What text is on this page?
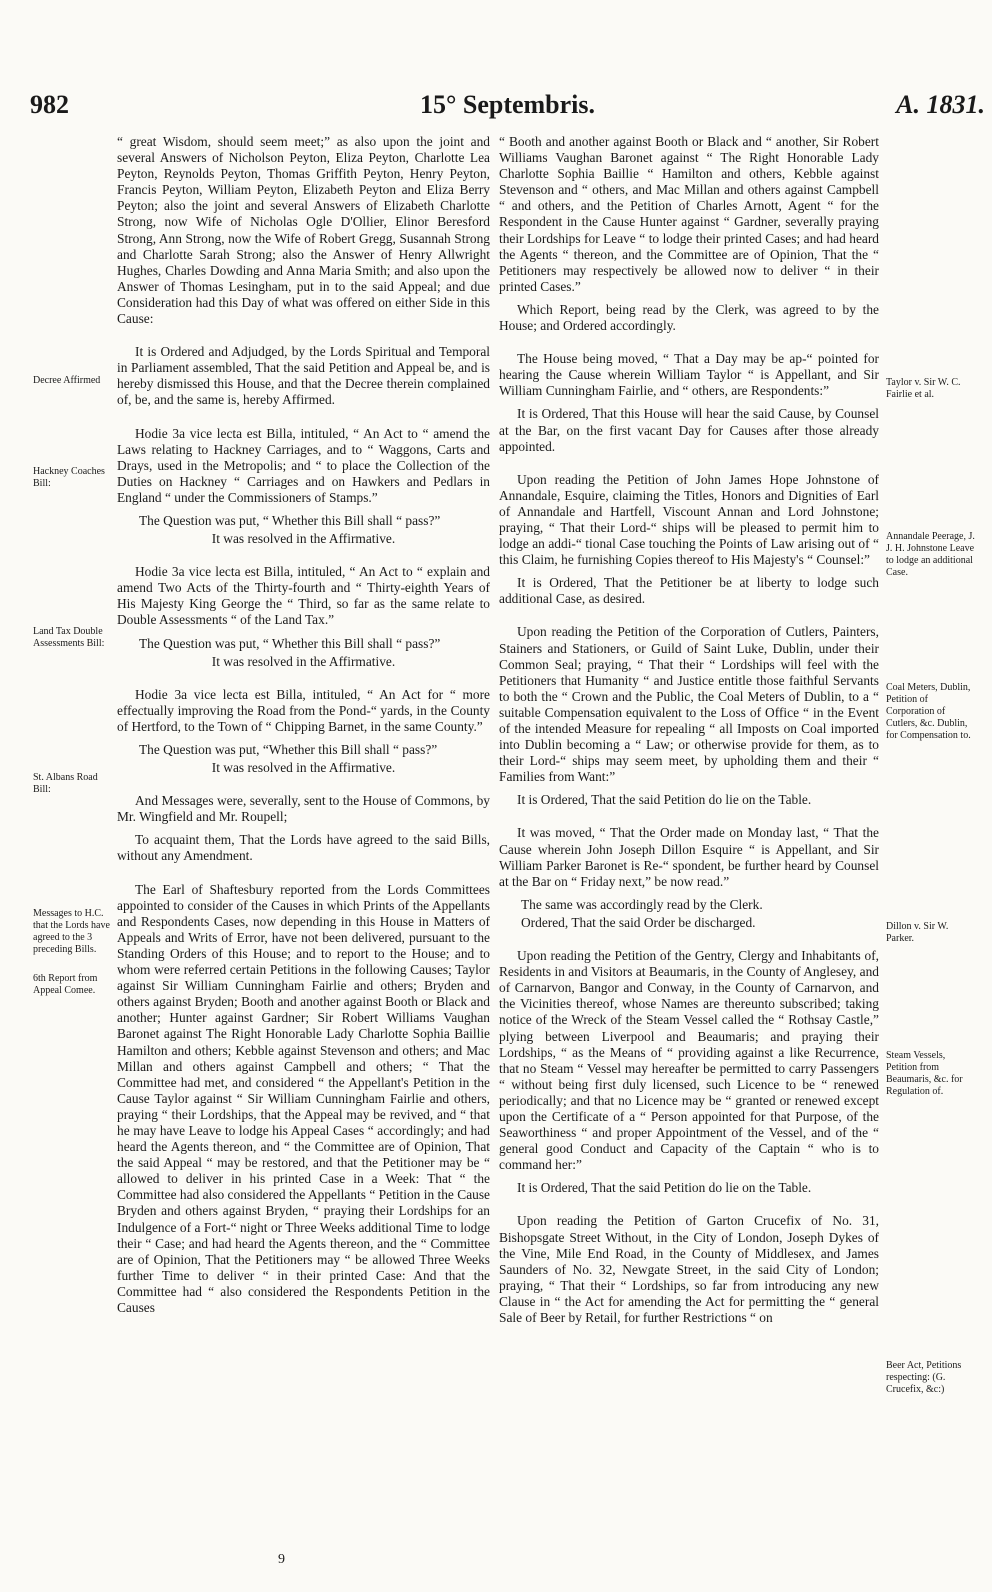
982	15° Septembris.	A. 1831.

“ great Wisdom, should seem meet;” as also upon the joint and several Answers of Nicholson Peyton, Eliza Peyton, Charlotte Lea Peyton, Reynolds Peyton, Thomas Griffith Peyton, Henry Peyton, Francis Peyton, William Peyton, Elizabeth Peyton and Eliza Berry Peyton; also the joint and several Answers of Elizabeth Charlotte Strong, now Wife of Nicholas Ogle D'Ollier, Elinor Beresford Strong, Ann Strong, now the Wife of Robert Gregg, Susannah Strong and Charlotte Sarah Strong; also the Answer of Henry Allwright Hughes, Charles Dowding and Anna Maria Smith; and also upon the Answer of Thomas Lesingham, put in to the said Appeal; and due Consideration had this Day of what was offered on either Side in this Cause:

It is Ordered and Adjudged, by the Lords Spiritual and Temporal in Parliament assembled, That the said Petition and Appeal be, and is hereby dismissed this House, and that the Decree therein complained of, be, and the same is, hereby Affirmed.

Hodie 3a vice lecta est Billa, intituled, “ An Act to “ amend the Laws relating to Hackney Carriages, and to “ Waggons, Carts and Drays, used in the Metropolis; and “ to place the Collection of the Duties on Hackney “ Carriages and on Hawkers and Pedlars in England “ under the Commissioners of Stamps.”

The Question was put, “ Whether this Bill shall “ pass?”

It was resolved in the Affirmative.

Hodie 3a vice lecta est Billa, intituled, “ An Act to “ explain and amend Two Acts of the Thirty-fourth and “ Thirty-eighth Years of His Majesty King George the “ Third, so far as the same relate to Double Assessments “ of the Land Tax.”

The Question was put, “ Whether this Bill shall “ pass?”

It was resolved in the Affirmative.

Hodie 3a vice lecta est Billa, intituled, “ An Act for “ more effectually improving the Road from the Pond-“ yards, in the County of Hertford, to the Town of “ Chipping Barnet, in the same County.”

The Question was put, “Whether this Bill shall “ pass?”

It was resolved in the Affirmative.

And Messages were, severally, sent to the House of Commons, by Mr. Wingfield and Mr. Roupell;

To acquaint them, That the Lords have agreed to the said Bills, without any Amendment.

The Earl of Shaftesbury reported from the Lords Committees appointed to consider of the Causes in which Prints of the Appellants and Respondents Cases, now depending in this House in Matters of Appeals and Writs of Error, have not been delivered, pursuant to the Standing Orders of this House; and to report to the House; and to whom were referred certain Petitions in the following Causes; Taylor against Sir William Cunningham Fairlie and others; Bryden and others against Bryden; Booth and another against Booth or Black and another; Hunter against Gardner; Sir Robert Williams Vaughan Baronet against The Right Honorable Lady Charlotte Sophia Baillie Hamilton and others; Kebble against Stevenson and others; and Mac Millan and others against Campbell and others; “ That the Committee had met, and considered “ the Appellant's Petition in the Cause Taylor against “ Sir William Cunningham Fairlie and others, praying “ their Lordships, that the Appeal may be revived, and “ that he may have Leave to lodge his Appeal Cases “ accordingly; and had heard the Agents thereon, and “ the Committee are of Opinion, That the said Appeal “ may be restored, and that the Petitioner may be “ allowed to deliver in his printed Case in a Week: That “ the Committee had also considered the Appellants “ Petition in the Cause Bryden and others against Bryden, “ praying their Lordships for an Indulgence of a Fort-“ night or Three Weeks additional Time to lodge their “ Case; and had heard the Agents thereon, and the “ Committee are of Opinion, That the Petitioners may “ be allowed Three Weeks further Time to deliver “ in their printed Case: And that the Committee had “ also considered the Respondents Petition in the Causes

“ Booth and another against Booth or Black and “ another, Sir Robert Williams Vaughan Baronet against “ The Right Honorable Lady Charlotte Sophia Baillie “ Hamilton and others, Kebble against Stevenson and “ others, and Mac Millan and others against Campbell “ and others, and the Petition of Charles Arnott, Agent “ for the Respondent in the Cause Hunter against “ Gardner, severally praying their Lordships for Leave “ to lodge their printed Cases; and had heard the Agents “ thereon, and the Committee are of Opinion, That the “ Petitioners may respectively be allowed now to deliver “ in their printed Cases.”

Which Report, being read by the Clerk, was agreed to by the House; and Ordered accordingly.

The House being moved, “ That a Day may be ap-“ pointed for hearing the Cause wherein William Taylor “ is Appellant, and Sir William Cunningham Fairlie, and “ others, are Respondents:”

It is Ordered, That this House will hear the said Cause, by Counsel at the Bar, on the first vacant Day for Causes after those already appointed.

Upon reading the Petition of John James Hope Johnstone of Annandale, Esquire, claiming the Titles, Honors and Dignities of Earl of Annandale and Hartfell, Viscount Annan and Lord Johnstone; praying, “ That their Lord-“ ships will be pleased to permit him to lodge an addi-“ tional Case touching the Points of Law arising out of “ this Claim, he furnishing Copies thereof to His Majesty's “ Counsel:”

It is Ordered, That the Petitioner be at liberty to lodge such additional Case, as desired.

Upon reading the Petition of the Corporation of Cutlers, Painters, Stainers and Stationers, or Guild of Saint Luke, Dublin, under their Common Seal; praying, “ That their “ Lordships will feel with the Petitioners that Humanity “ and Justice entitle those faithful Servants to both the “ Crown and the Public, the Coal Meters of Dublin, to a “ suitable Compensation equivalent to the Loss of Office “ in the Event of the intended Measure for repealing “ all Imposts on Coal imported into Dublin becoming a “ Law; or otherwise provide for them, as to their Lord-“ ships may seem meet, by upholding them and their “ Families from Want:”

It is Ordered, That the said Petition do lie on the Table.

It was moved, “ That the Order made on Monday last, “ That the Cause wherein John Joseph Dillon Esquire “ is Appellant, and Sir William Parker Baronet is Re-“ spondent, be further heard by Counsel at the Bar on “ Friday next,” be now read.”

The same was accordingly read by the Clerk.

Ordered, That the said Order be discharged.

Upon reading the Petition of the Gentry, Clergy and Inhabitants of, Residents in and Visitors at Beaumaris, in the County of Anglesey, and of Carnarvon, Bangor and Conway, in the County of Carnarvon, and the Vicinities thereof, whose Names are thereunto subscribed; taking notice of the Wreck of the Steam Vessel called the “ Rothsay Castle,” plying between Liverpool and Beaumaris; and praying their Lordships, “ as the Means of “ providing against a like Recurrence, that no Steam “ Vessel may hereafter be permitted to carry Passengers “ without being first duly licensed, such Licence to be “ renewed periodically; and that no Licence may be “ granted or renewed except upon the Certificate of a “ Person appointed for that Purpose, of the Seaworthiness “ and proper Appointment of the Vessel, and of the “ general good Conduct and Capacity of the Captain “ who is to command her:”

It is Ordered, That the said Petition do lie on the Table.

Upon reading the Petition of Garton Crucefix of No. 31, Bishopsgate Street Without, in the City of London, Joseph Dykes of the Vine, Mile End Road, in the County of Middlesex, and James Saunders of No. 32, Newgate Street, in the said City of London; praying, “ That their “ Lordships, so far from introducing any new Clause in “ the Act for amending the Act for permitting the “ general Sale of Beer by Retail, for further Restrictions “ on

Decree Affirmed
Hackney Coaches Bill:
Land Tax Double Assessments Bill:
St. Albans Road Bill:
Messages to H.C. that the Lords have agreed to the 3 preceding Bills.
6th Report from Appeal Comee.
Taylor v. Sir W. C. Fairlie et al.
Annandale Peerage, J. J. H. Johnstone Leave to lodge an additional Case.
Coal Meters, Dublin, Petition of Corporation of Cutlers, &c. Dublin, for Compensation to.
Dillon v. Sir W. Parker.
Steam Vessels, Petition from Beaumaris, &c. for Regulation of.
Beer Act, Petitions respecting: (G. Crucefix, &c:)
9
